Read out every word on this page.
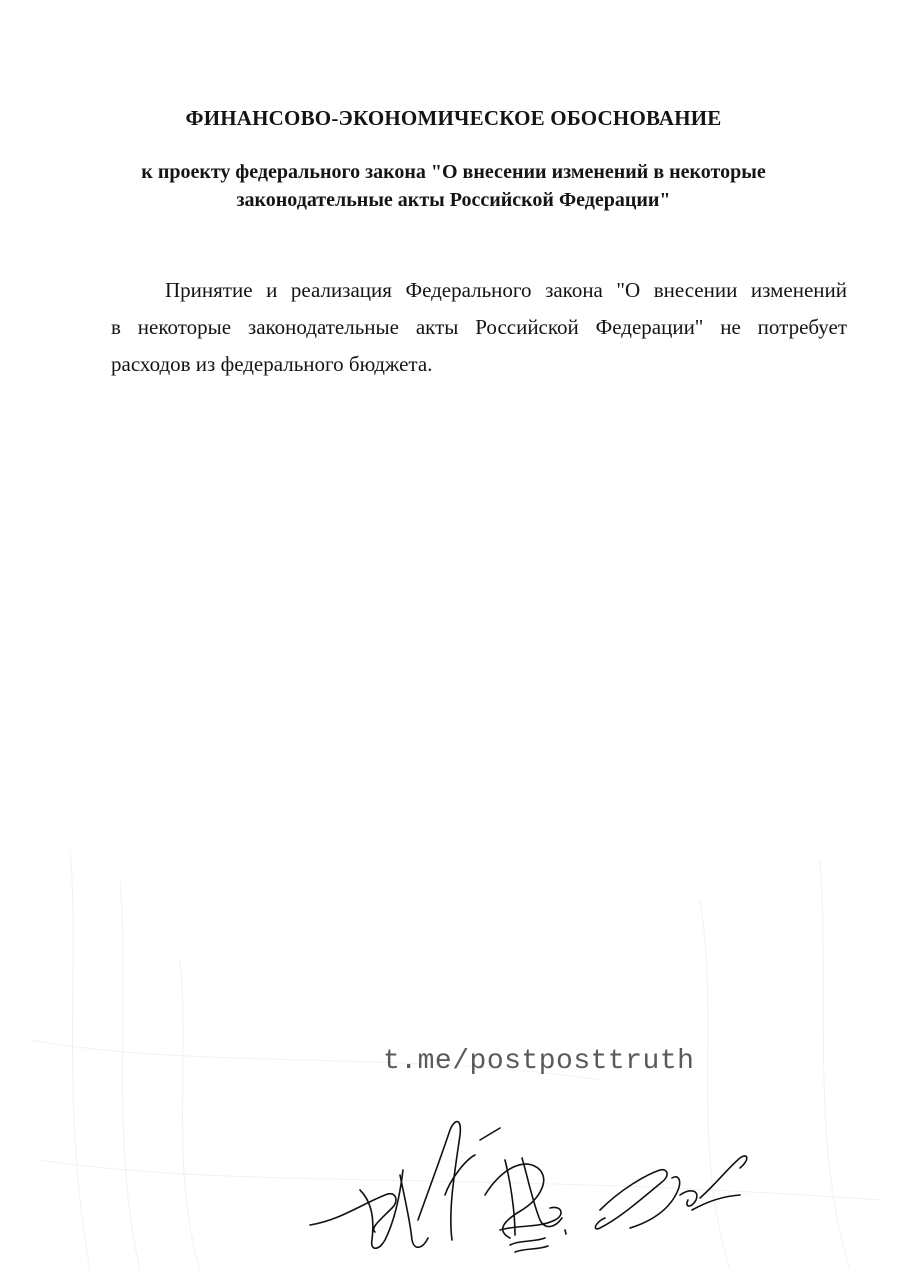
ФИНАНСОВО-ЭКОНОМИЧЕСКОЕ ОБОСНОВАНИЕ
к проекту федерального закона "О внесении изменений в некоторые
законодательные акты Российской Федерации"
Принятие и реализация Федерального закона "О внесении изменений
в некоторые законодательные акты Российской Федерации" не потребует
расходов из федерального бюджета.
t.me/postposttruth
